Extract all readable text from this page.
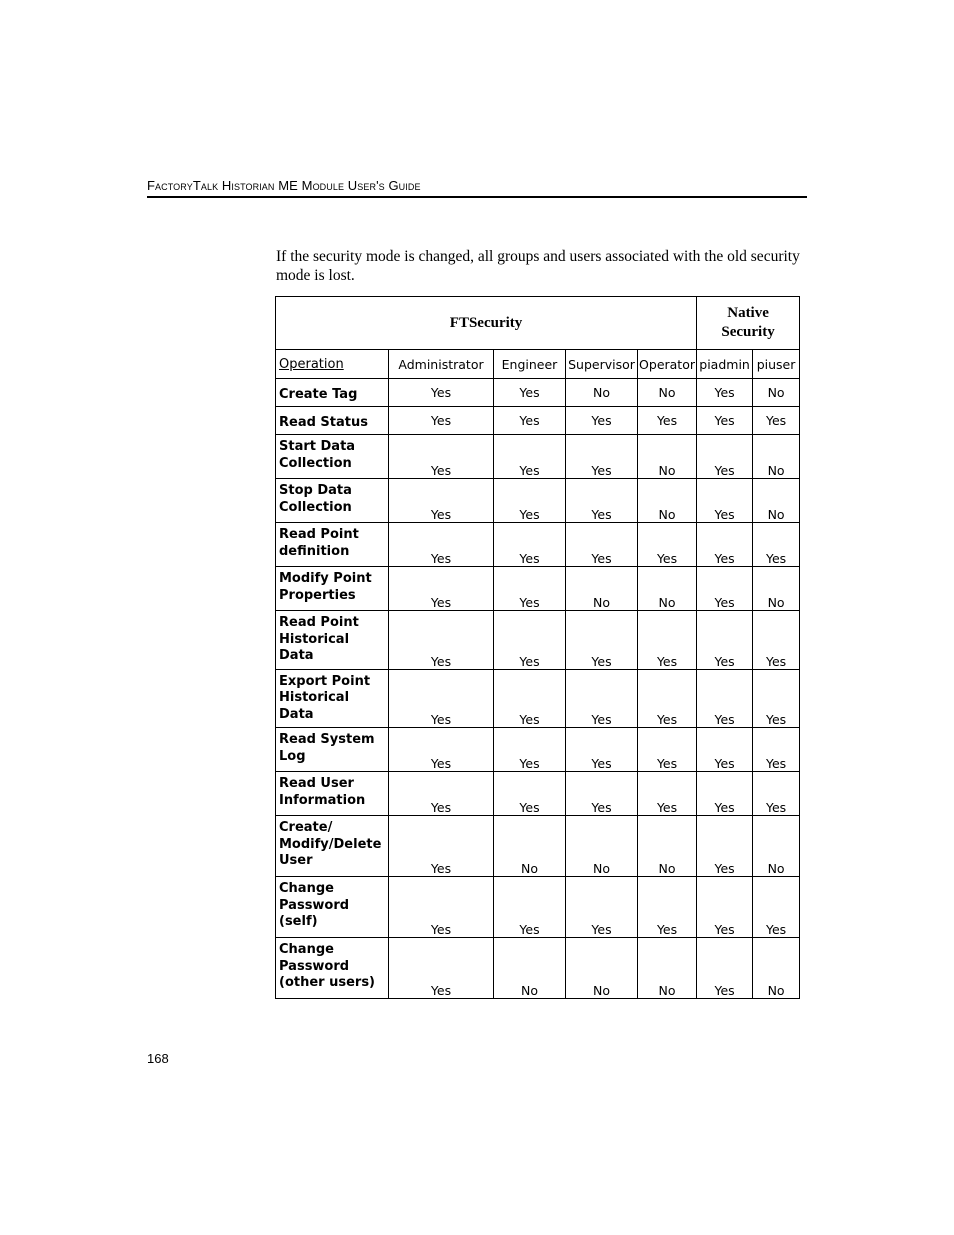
FactoryTalk Historian ME Module User's Guide

If the security mode is changed, all groups and users associated with the old security mode is lost.

FTSecurity					Native Security	

Operation	Administrator	Engineer	Supervisor	Operator	piadmin	piuser
Create Tag	Yes	Yes	No	No	Yes	No
Read Status	Yes	Yes	Yes	Yes	Yes	Yes
Start Data Collection	Yes	Yes	Yes	No	Yes	No
Stop Data Collection	Yes	Yes	Yes	No	Yes	No
Read Point definition	Yes	Yes	Yes	Yes	Yes	Yes
Modify Point Properties	Yes	Yes	No	No	Yes	No
Read Point Historical Data	Yes	Yes	Yes	Yes	Yes	Yes
Export Point Historical Data	Yes	Yes	Yes	Yes	Yes	Yes
Read System Log	Yes	Yes	Yes	Yes	Yes	Yes
Read User Information	Yes	Yes	Yes	Yes	Yes	Yes
Create/ Modify/Delete User	Yes	No	No	No	Yes	No
Change Password (self)	Yes	Yes	Yes	Yes	Yes	Yes
Change Password (other users)	Yes	No	No	No	Yes	No
168
